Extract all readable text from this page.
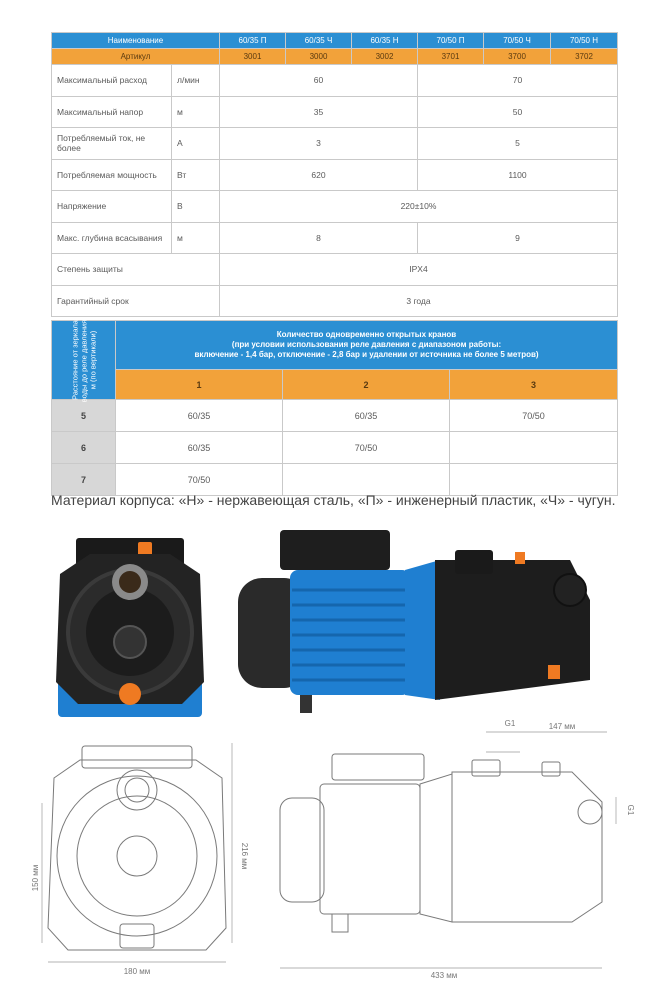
Наименование		60/35 П	60/35 Ч	60/35 Н	70/50 П	70/50 Ч	70/50 Н
Артикул		3001	3000	3002	3701	3700	3702
Максимальный расход	л/мин	60			70		
Максимальный напор	м	35			50		
Потребляемый ток, не более	А	3			5		
Потребляемая мощность	Вт	620			1100		
Напряжение	В	220±10%					
Макс. глубина всасывания	м	8			9		
Степень защиты		IPX4					
Гарантийный срок		3 года					
Расстояние от зеркала воды до реле давления, м (по вертикали)	Количество одновременно открытых кранов
(при условии использования реле давления с диапазоном работы:
включение - 1,4 бар, отключение - 2,8 бар и удалении от источника не более 5 метров)		

	1	2	3
5	60/35	60/35	70/50
6	60/35	70/50	
7	70/50		
Материал корпуса: «Н» - нержавеющая сталь, «П» - инженерный пластик, «Ч» - чугун.
150 мм
216 мм
180 мм	433 мм
147 мм
G1
G1
